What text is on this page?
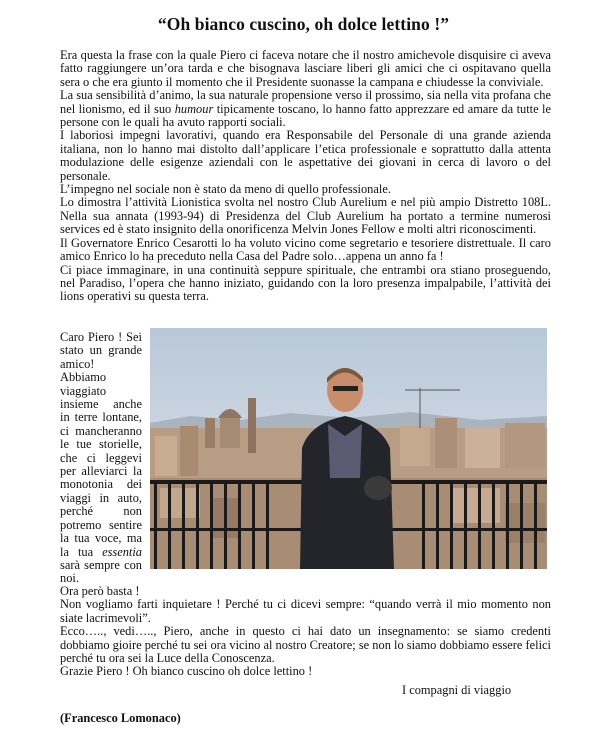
“Oh bianco cuscino, oh dolce lettino !”

Era questa la frase con la quale Piero ci faceva notare che il nostro amichevole disquisire ci aveva fatto raggiungere un’ora tarda e che bisognava lasciare liberi gli amici che ci ospitavano quella sera o che era giunto il momento che il Presidente suonasse la campana e chiudesse la conviviale.

La sua sensibilità d’animo, la sua naturale propensione verso il prossimo, sia nella vita profana che nel lionismo, ed il suo humour tipicamente toscano, lo hanno fatto apprezzare ed amare da tutte le persone con le quali ha avuto rapporti sociali.

I laboriosi impegni lavorativi, quando era Responsabile del Personale di una grande azienda italiana, non lo hanno mai distolto dall’applicare l’etica professionale e soprattutto dalla attenta modulazione delle esigenze aziendali con le aspettative dei giovani in cerca di lavoro o del personale.

L’impegno nel sociale non è stato da meno di quello professionale.

Lo dimostra l’attività Lionistica svolta nel nostro Club Aurelium e nel più ampio Distretto 108L. Nella sua annata (1993-94) di Presidenza del Club Aurelium ha portato a termine numerosi services ed è stato insignito della onorificenza Melvin Jones Fellow e molti altri riconoscimenti.

Il Governatore Enrico Cesarotti lo ha voluto vicino come segretario e tesoriere distrettuale. Il caro amico Enrico lo ha preceduto nella Casa del Padre solo…appena un anno fa !

Ci piace immaginare, in una continuità seppure spirituale, che entrambi ora stiano proseguendo, nel Paradiso, l’opera che hanno iniziato, guidando con la loro presenza impalpabile, l’attività dei lions operativi su questa terra.

Caro Piero ! Sei stato un grande amico! Abbiamo viaggiato insieme anche in terre lontane, ci mancheranno le tue storielle, che ci leggevi per alleviarci la monotonia dei viaggi in auto, perché non potremo sentire la tua voce, ma la tua essentia sarà sempre con noi.

Ora però basta !

Non vogliamo farti inquietare ! Perché tu ci dicevi sempre: “quando verrà il mio momento non siate lacrimevoli”.

Ecco….., vedi….., Piero, anche in questo ci hai dato un insegnamento: se siamo credenti dobbiamo gioire perché tu sei ora vicino al nostro Creatore; se non lo siamo dobbiamo essere felici perché tu ora sei la Luce della Conoscenza.

Grazie Piero ! Oh bianco cuscino oh dolce lettino !

I compagni di viaggio
(Francesco Lomonaco)
